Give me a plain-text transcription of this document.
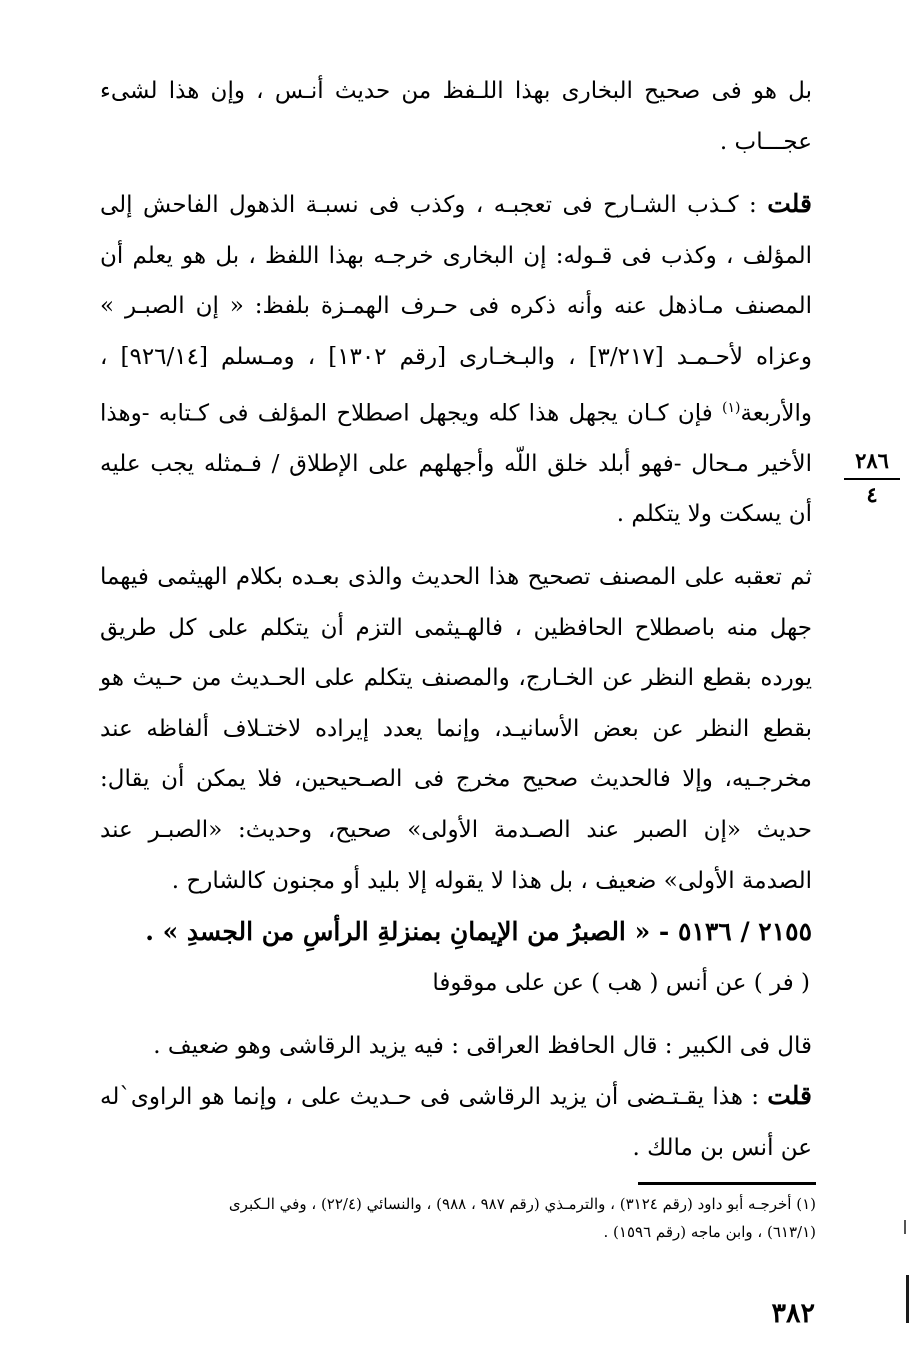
بل هو فى صحيح البخارى بهذا اللـفظ من حديث أنـس ، وإن هذا لشىء عجـــاب .

قلت : كـذب الشـارح فى تعجبـه ، وكذب فى نسبـة الذهول الفاحش إلى المؤلف ، وكذب فى قـوله: إن البخارى خرجـه بهذا اللفظ ، بل هو يعلم أن المصنف مـاذهل عنه وأنه ذكره فى حـرف الهمـزة بلفظ: « إن الصبـر » وعزاه لأحـمـد [٣/٢١٧] ، والبـخـارى [رقم ١٣٠٢] ، ومـسلم [٩٢٦/١٤] ، والأربعة$^{(١)}$ فإن كـان يجهل هذا كله ويجهل اصطلاح المؤلف فى كـتابه -وهذا الأخير مـحال -فهو أبلد خلق اللّه وأجهلهم على الإطلاق / فـمثله يجب عليه أن يسكت ولا يتكلم .

ثم تعقبه على المصنف تصحيح هذا الحديث والذى بعـده بكلام الهيثمى فيهما جهل منه باصطلاح الحافظين ، فالهـيثمى التزم أن يتكلم على كل طريق يورده بقطع النظر عن الخـارج، والمصنف يتكلم على الحـديث من حـيث هو بقطع النظر عن بعض الأسانيـد، وإنما يعدد إيراده لاختـلاف ألفاظه عند مخرجـيه، وإلا فالحديث صحيح مخرج فى الصـحيحين، فلا يمكن أن يقال: حديث «إن الصبر عند الصـدمة الأولى» صحيح، وحديث: «الصبـر عند الصدمة الأولى» ضعيف ، بل هذا لا يقوله إلا بليد أو مجنون كالشارح .

٢١٥٥ / ٥١٣٦ - « الصبرُ من الإيمانِ بمنزلةِ الرأسِ من الجسدِ » .

( فر ) عن أنس ( هب ) عن على موقوفا

قال فى الكبير : قال الحافظ العراقى : فيه يزيد الرقاشى وهو ضعيف .

قلت : هذا يقـتـضى أن يزيد الرقاشى فى حـديث على ، وإنما هو الراوى`له عن أنس بن مالك .

٢٨٦
٤

(١) أخرجـه أبو داود (رقم ٣١٢٤) ، والترمـذي (رقم ٩٨٧ ، ٩٨٨) ، والنسائي (٢٢/٤) ، وفي الـكبرى

(٦١٣/١) ، وابن ماجه (رقم ١٥٩٦) .

٣٨٢
